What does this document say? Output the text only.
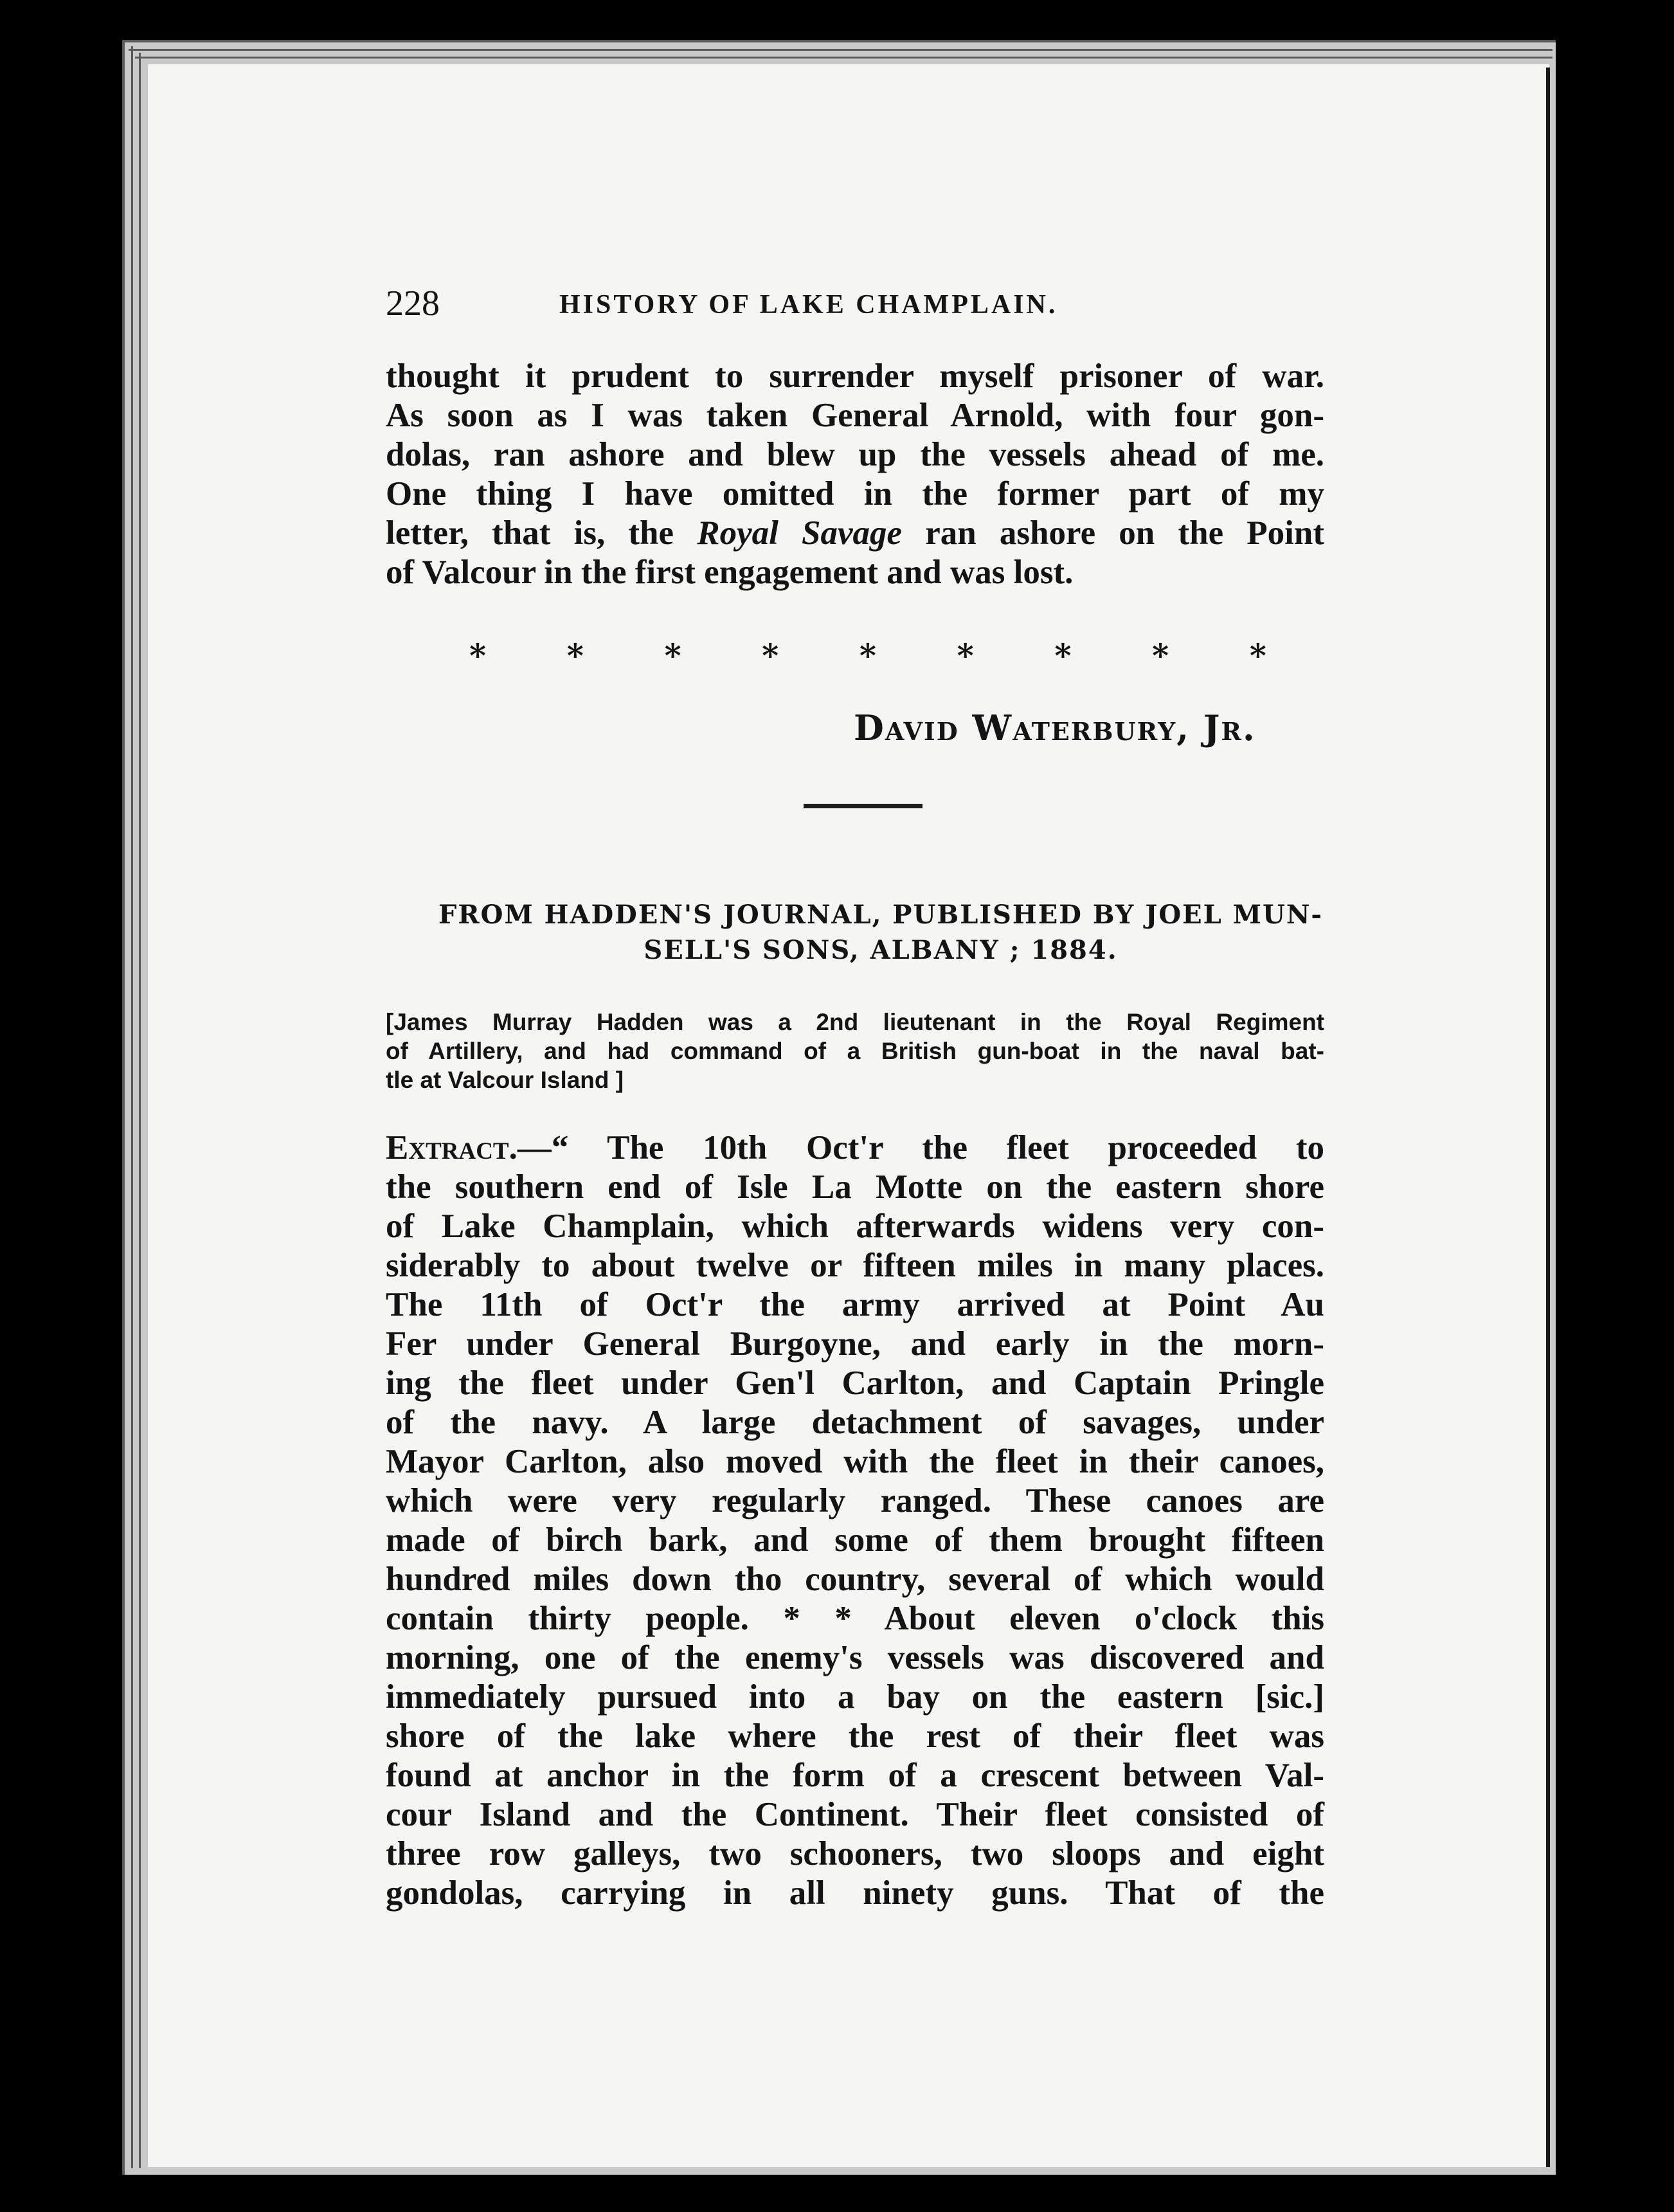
228	HISTORY OF LAKE CHAMPLAIN.
thought it prudent to surrender myself prisoner of war.
As soon as I was taken General Arnold, with four gon-
dolas, ran ashore and blew up the vessels ahead of me.
One thing I have omitted in the former part of my
letter, that is, the Royal Savage ran ashore on the Point
of Valcour in the first engagement and was lost.
*	*	*	*	*	*	*	*	*
David Waterbury, Jr.
FROM HADDEN'S JOURNAL, PUBLISHED BY JOEL MUN-
SELL'S SONS, ALBANY ; 1884.
[James Murray Hadden was a 2nd lieutenant in the Royal Regiment
of Artillery, and had command of a British gun-boat in the naval bat-
tle at Valcour Island ]
Extract.—“ The 10th Oct'r the fleet proceeded to
the southern end of Isle La Motte on the eastern shore
of Lake Champlain, which afterwards widens very con-
siderably to about twelve or fifteen miles in many places.
The 11th of Oct'r the army arrived at Point Au
Fer under General Burgoyne, and early in the morn-
ing the fleet under Gen'l Carlton, and Captain Pringle
of the navy. A large detachment of savages, under
Mayor Carlton, also moved with the fleet in their canoes,
which were very regularly ranged. These canoes are
made of birch bark, and some of them brought fifteen
hundred miles down tho country, several of which would
contain thirty people. * * About eleven o'clock this
morning, one of the enemy's vessels was discovered and
immediately pursued into a bay on the eastern [sic.]
shore of the lake where the rest of their fleet was
found at anchor in the form of a crescent between Val-
cour Island and the Continent. Their fleet consisted of
three row galleys, two schooners, two sloops and eight
gondolas, carrying in all ninety guns. That of the
